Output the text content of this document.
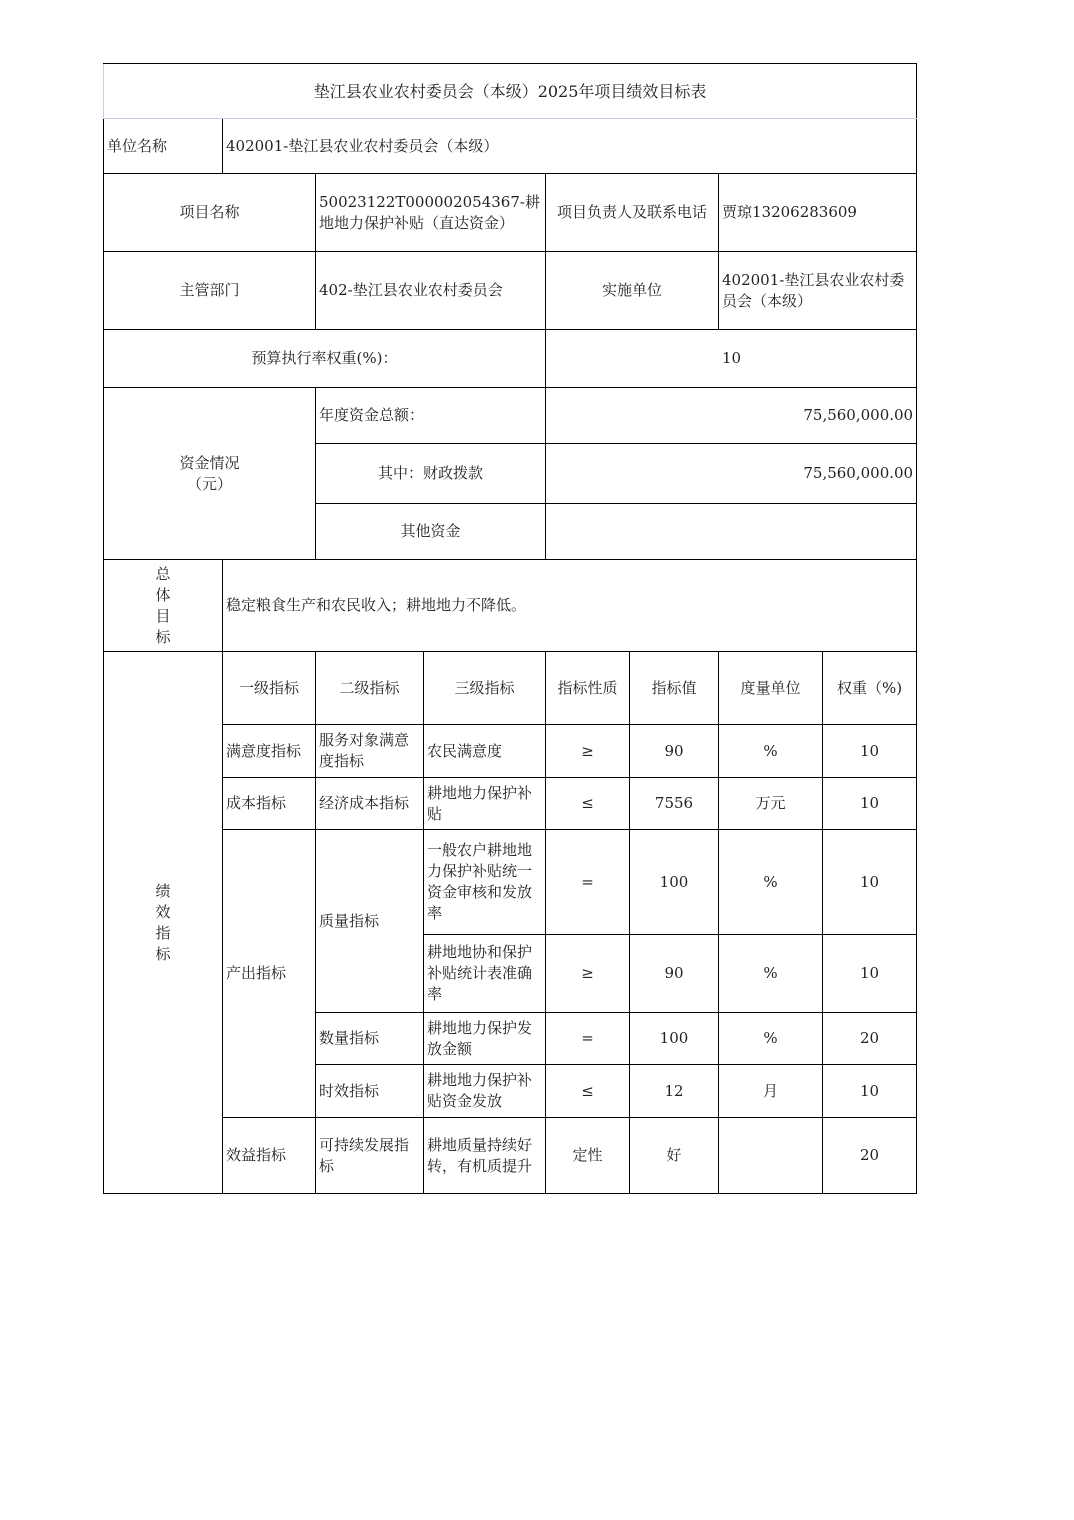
垫江县农业农村委员会（本级）2025年项目绩效目标表							
单位名称	402001-垫江县农业农村委员会（本级）						
项目名称		50023122T000002054367-耕地地力保护补贴（直达资金）		项目负责人及联系电话		贾琼13206283609	
主管部门		402-垫江县农业农村委员会		实施单位		402001-垫江县农业农村委员会（本级）	
预算执行率权重(%)：				10			

资金情况（元）		年度资金总额：		75,560,000.00			
		其中：财政拨款		75,560,000.00			
		其他资金					

总体目标	稳定粮食生产和农民收入；耕地地力不降低。						

绩效指标	一级指标	二级指标	三级指标	指标性质	指标值	度量单位	权重（%)
	满意度指标	服务对象满意度指标	农民满意度	≥	90	%	10
	成本指标	经济成本指标	耕地地力保护补贴	≤	7556	万元	10
	产出指标	质量指标	一般农户耕地地力保护补贴统一资金审核和发放率	=	100	%	10
			耕地地协和保护补贴统计表准确率	≥	90	%	10
		数量指标	耕地地力保护发放金额	=	100	%	20
		时效指标	耕地地力保护补贴资金发放	≤	12	月	10
	效益指标	可持续发展指标	耕地质量持续好转，有机质提升	定性	好		20
